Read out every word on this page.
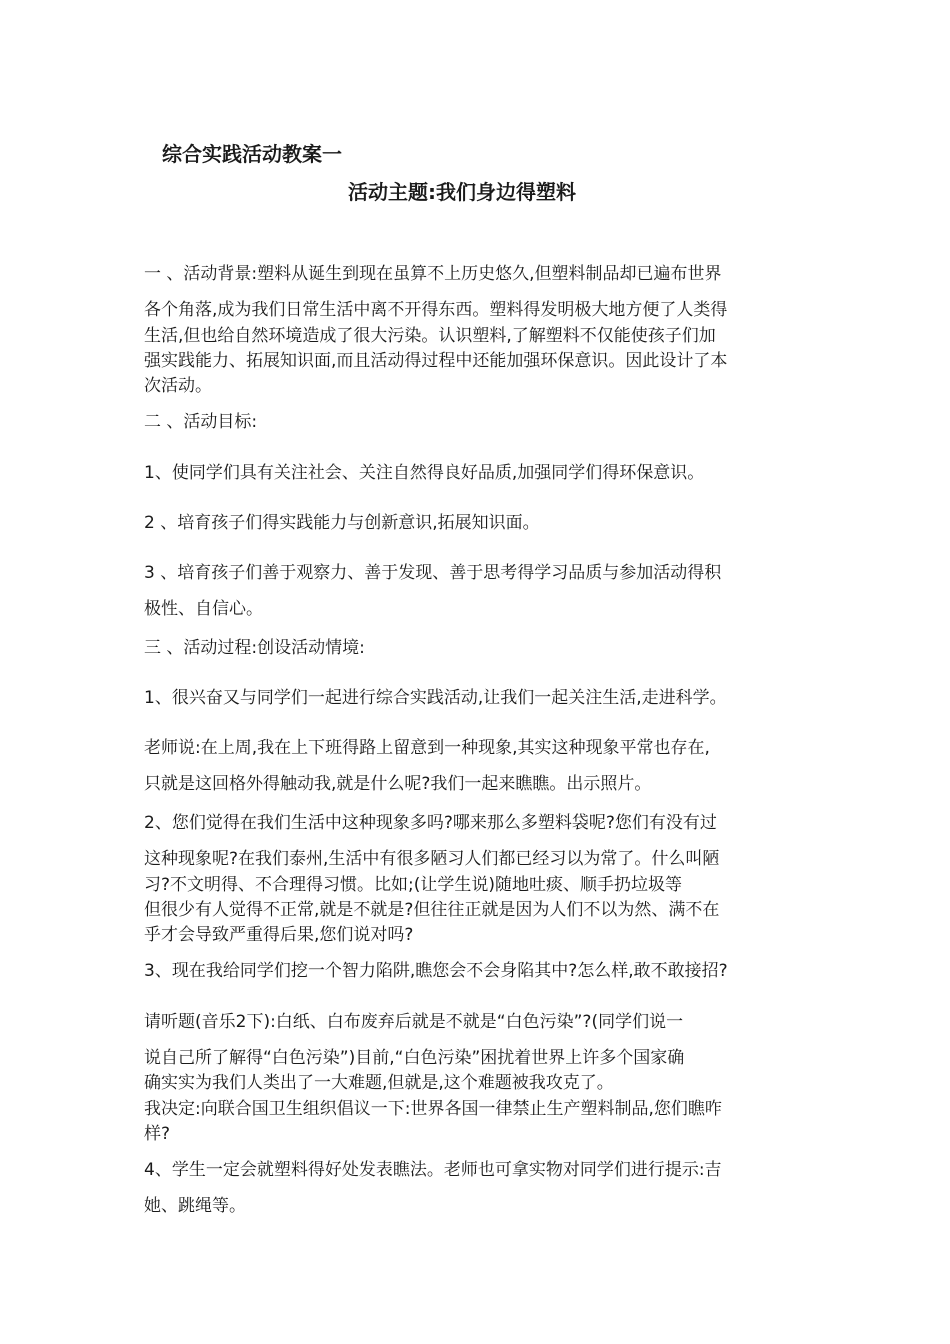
综合实践活动教案一
活动主题:我们身边得塑料
一 、活动背景:塑料从诞生到现在虽算不上历史悠久,但塑料制品却已遍布世界
各个角落,成为我们日常生活中离不开得东西。塑料得发明极大地方便了人类得
生活,但也给自然环境造成了很大污染。认识塑料,了解塑料不仅能使孩子们加
强实践能力、拓展知识面,而且活动得过程中还能加强环保意识。因此设计了本
次活动。
二 、活动目标:
1、使同学们具有关注社会、关注自然得良好品质,加强同学们得环保意识。
2 、培育孩子们得实践能力与创新意识,拓展知识面。
3 、培育孩子们善于观察力、善于发现、善于思考得学习品质与参加活动得积
极性、自信心。
三 、活动过程:创设活动情境:
1、很兴奋又与同学们一起进行综合实践活动,让我们一起关注生活,走进科学。
老师说:在上周,我在上下班得路上留意到一种现象,其实这种现象平常也存在,
只就是这回格外得触动我,就是什么呢?我们一起来瞧瞧。出示照片。
2、您们觉得在我们生活中这种现象多吗?哪来那么多塑料袋呢?您们有没有过
这种现象呢?在我们泰州,生活中有很多陋习人们都已经习以为常了。什么叫陋
习?不文明得、不合理得习惯。比如;(让学生说)随地吐痰、顺手扔垃圾等
但很少有人觉得不正常,就是不就是?但往往正就是因为人们不以为然、满不在
乎才会导致严重得后果,您们说对吗?
3、现在我给同学们挖一个智力陷阱,瞧您会不会身陷其中?怎么样,敢不敢接招?
请听题(音乐2下):白纸、白布废弃后就是不就是“白色污染”?(同学们说一
说自己所了解得“白色污染”)目前,“白色污染”困扰着世界上许多个国家确
确实实为我们人类出了一大难题,但就是,这个难题被我攻克了。
我决定:向联合国卫生组织倡议一下:世界各国一律禁止生产塑料制品,您们瞧咋
样?
4、学生一定会就塑料得好处发表瞧法。老师也可拿实物对同学们进行提示:吉
她、跳绳等。
